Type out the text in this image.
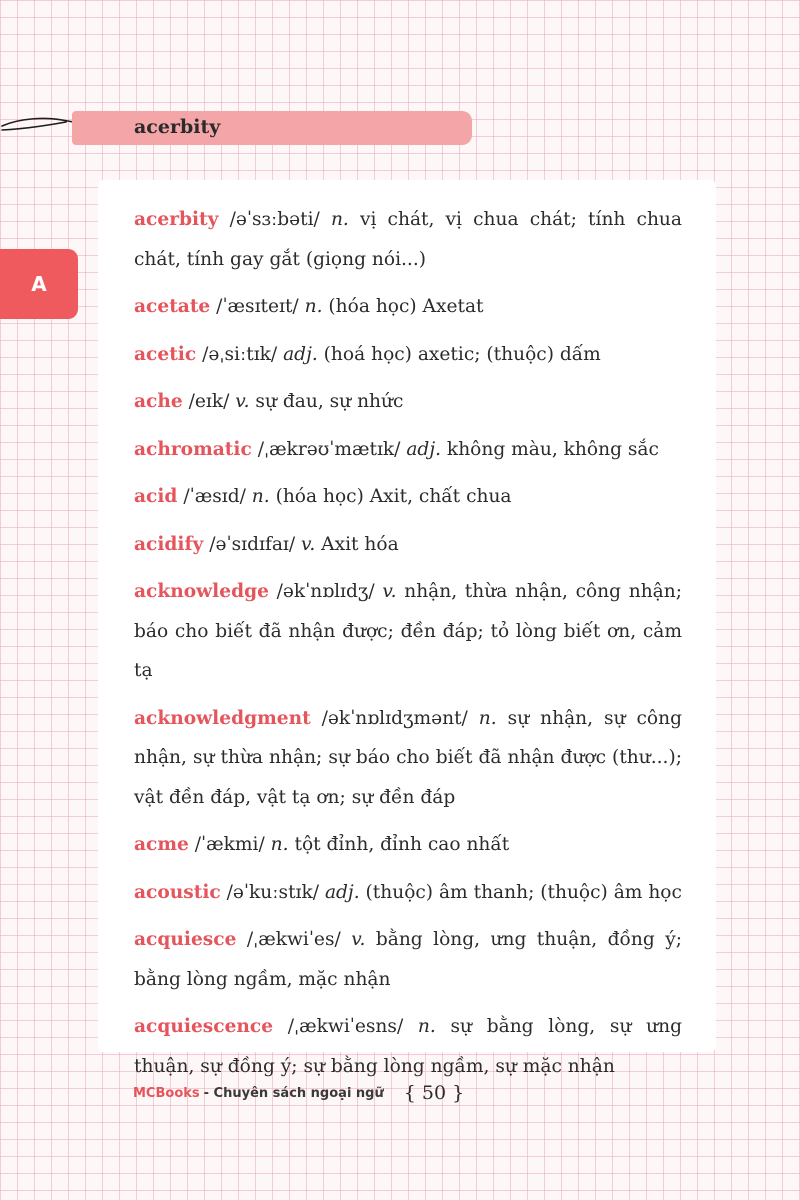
acerbity
A

acerbity /əˈsɜːbəti/ n. vị chát, vị chua chát; tính chua chát, tính gay gắt (giọng nói...)

acetate /ˈæsɪteɪt/ n. (hóa học) Axetat

acetic /əˌsiːtɪk/ adj. (hoá học) axetic; (thuộc) dấm

ache /eɪk/ v. sự đau, sự nhức

achromatic /ˌækrəʊˈmætɪk/ adj. không màu, không sắc

acid /ˈæsɪd/ n. (hóa học) Axit, chất chua

acidify /əˈsɪdɪfaɪ/ v. Axit hóa

acknowledge /əkˈnɒlɪdʒ/ v. nhận, thừa nhận, công nhận; báo cho biết đã nhận được; đền đáp; tỏ lòng biết ơn, cảm tạ

acknowledgment /əkˈnɒlɪdʒmənt/ n. sự nhận, sự công nhận, sự thừa nhận; sự báo cho biết đã nhận được (thư...); vật đền đáp, vật tạ ơn; sự đền đáp

acme /ˈækmi/ n. tột đỉnh, đỉnh cao nhất

acoustic /əˈkuːstɪk/ adj. (thuộc) âm thanh; (thuộc) âm học

acquiesce /ˌækwiˈes/ v. bằng lòng, ưng thuận, đồng ý; bằng lòng ngầm, mặc nhận

acquiescence /ˌækwiˈesns/ n. sự bằng lòng, sự ưng thuận, sự đồng ý; sự bằng lòng ngầm, sự mặc nhận

MCBooks - Chuyên sách ngoại ngữ { 50 }
